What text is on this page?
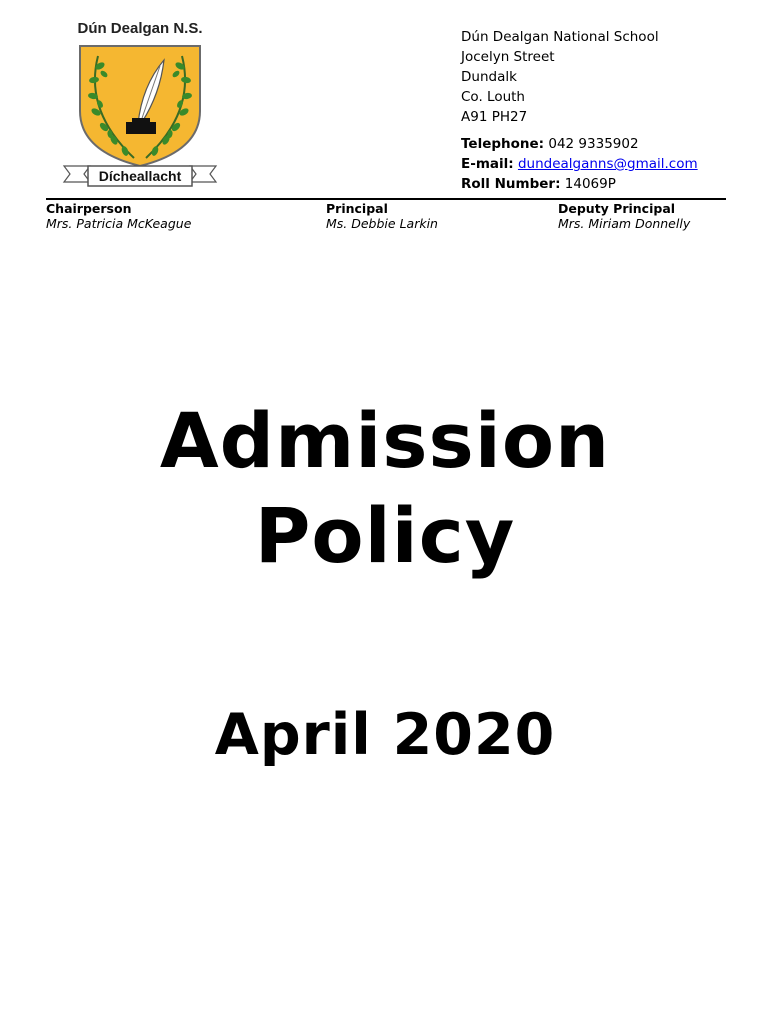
Dún Dealgan N.S.
Dícheallacht
Dún Dealgan National School
Jocelyn Street
Dundalk
Co. Louth
A91 PH27
Telephone: 042 9335902
E-mail: dundealganns@gmail.com
Roll Number: 14069P
Chairperson
Mrs. Patricia McKeague
Principal
Ms. Debbie Larkin
Deputy Principal
Mrs. Miriam Donnelly
Admission
Policy
April 2020
